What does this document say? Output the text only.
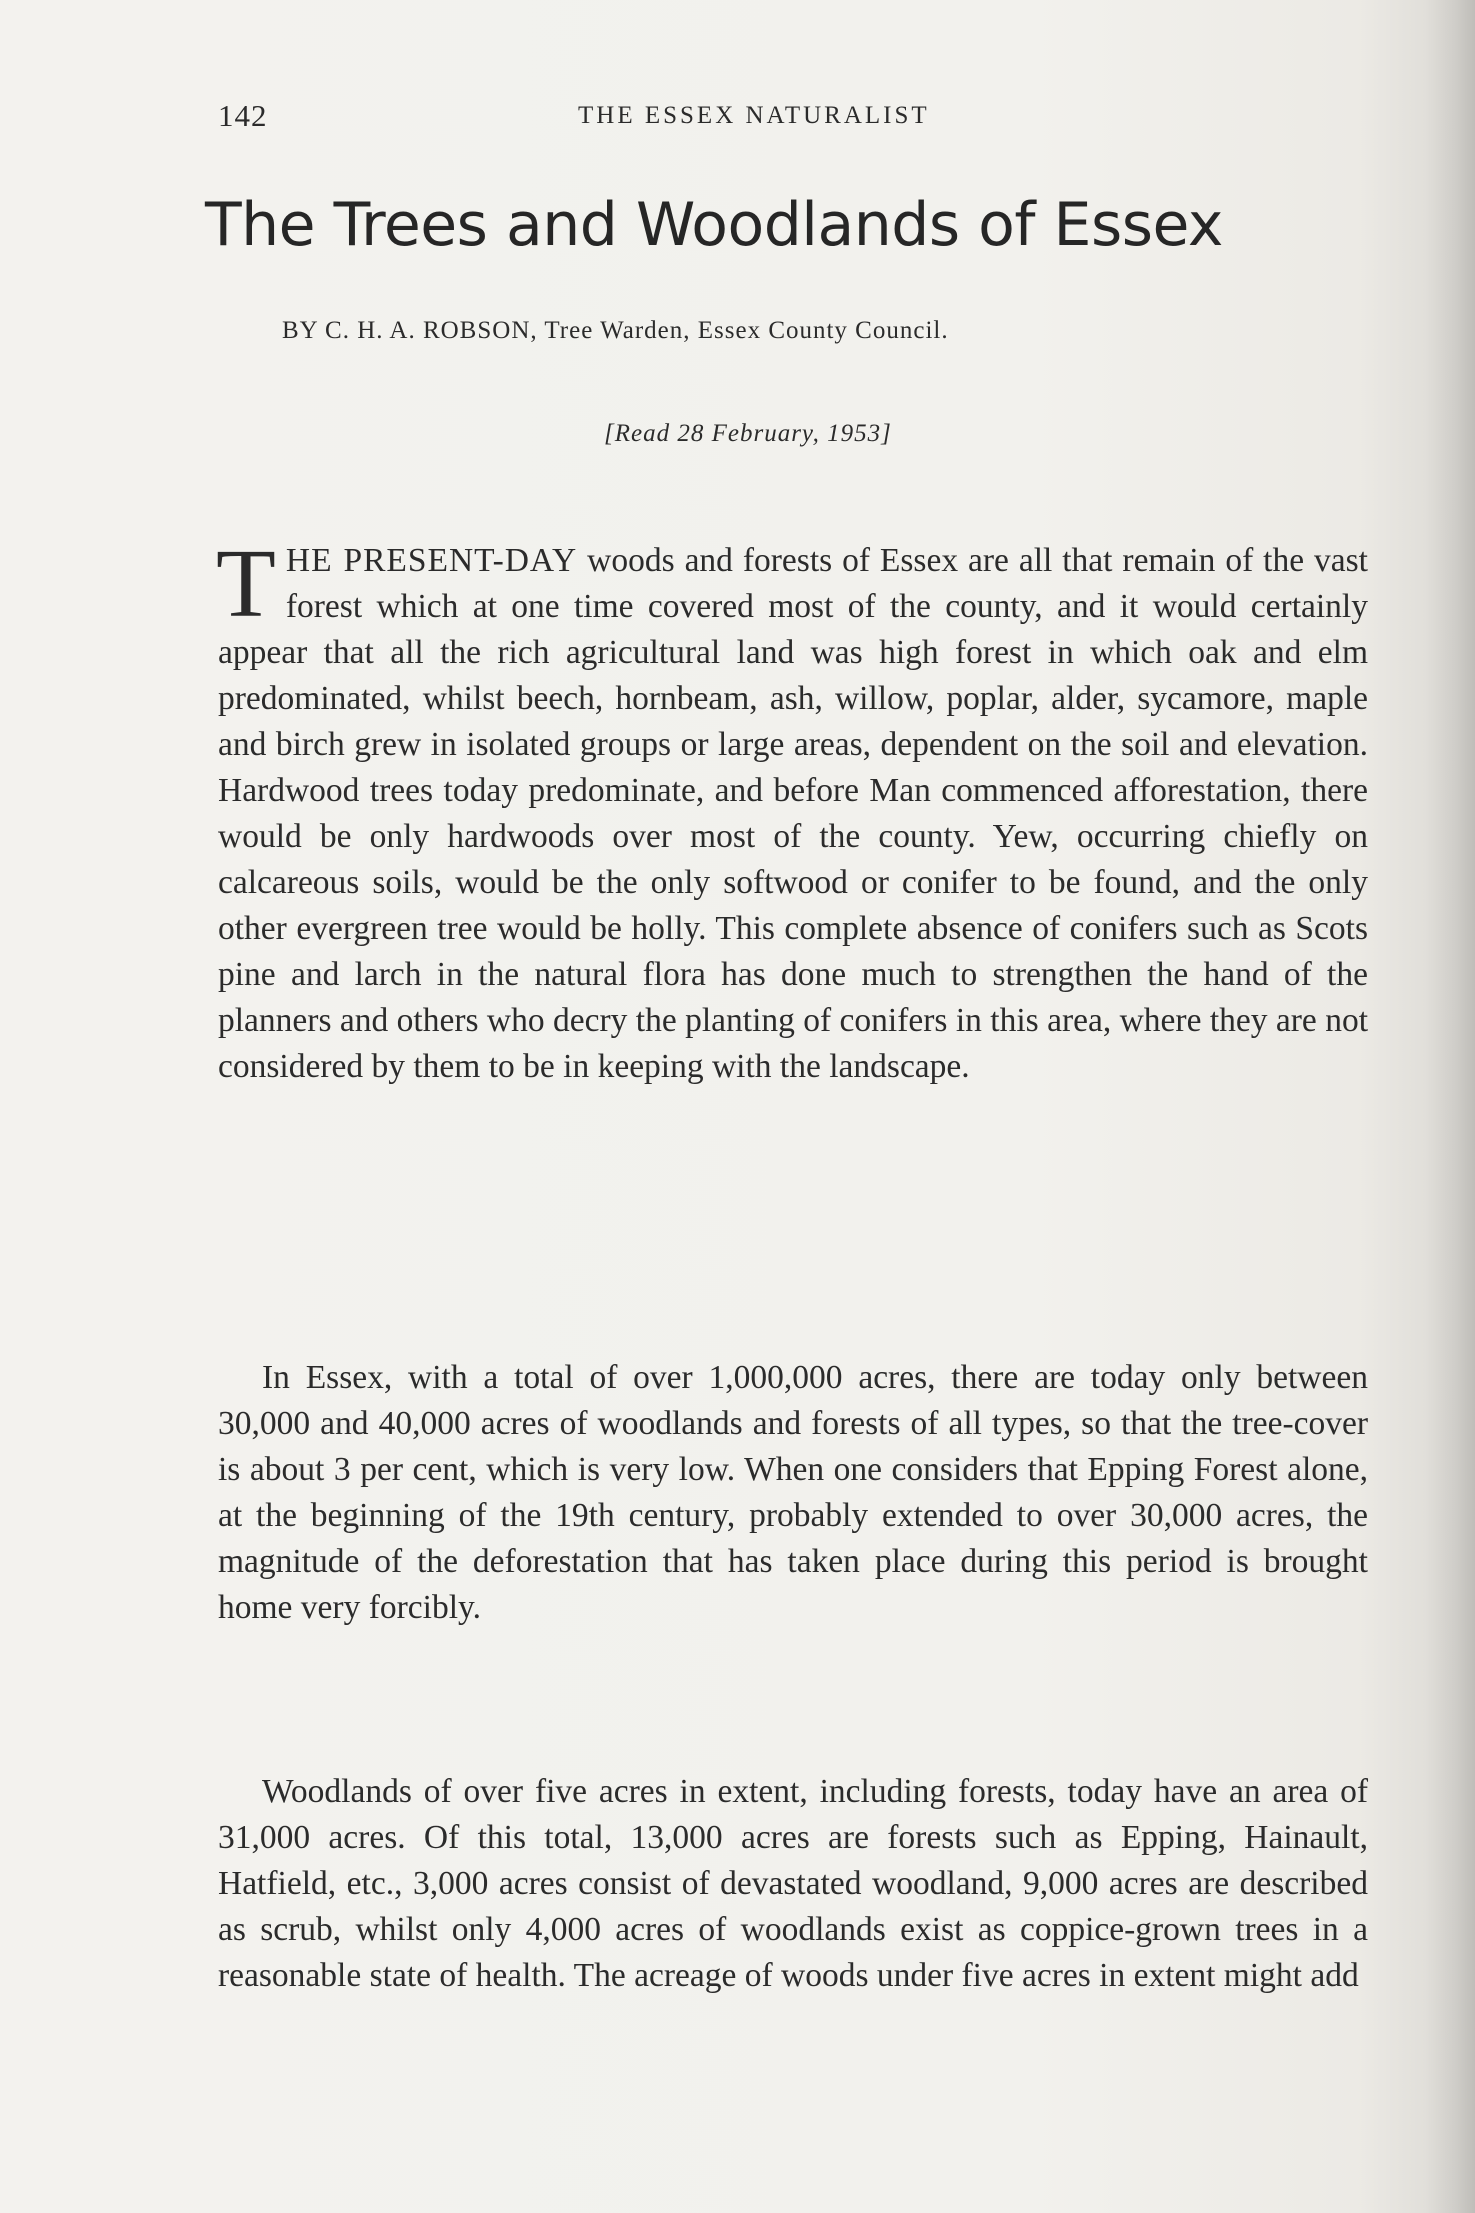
142	THE ESSEX NATURALIST
The Trees and Woodlands of Essex
BY C. H. A. ROBSON, Tree Warden, Essex County Council.
[Read 28 February, 1953]

THE PRESENT-DAY woods and forests of Essex are all that remain of the vast forest which at one time covered most of the county, and it would certainly appear that all the rich agricultural land was high forest in which oak and elm predominated, whilst beech, hornbeam, ash, willow, poplar, alder, sycamore, maple and birch grew in isolated groups or large areas, dependent on the soil and elevation. Hardwood trees today predominate, and before Man commenced afforestation, there would be only hardwoods over most of the county. Yew, occurring chiefly on calcareous soils, would be the only softwood or conifer to be found, and the only other evergreen tree would be holly. This complete absence of conifers such as Scots pine and larch in the natural flora has done much to strengthen the hand of the planners and others who decry the planting of conifers in this area, where they are not considered by them to be in keeping with the landscape.

In Essex, with a total of over 1,000,000 acres, there are today only between 30,000 and 40,000 acres of woodlands and forests of all types, so that the tree-cover is about 3 per cent, which is very low. When one considers that Epping Forest alone, at the beginning of the 19th century, probably extended to over 30,000 acres, the magnitude of the deforestation that has taken place during this period is brought home very forcibly.

Woodlands of over five acres in extent, including forests, today have an area of 31,000 acres. Of this total, 13,000 acres are forests such as Epping, Hainault, Hatfield, etc., 3,000 acres consist of devastated woodland, 9,000 acres are described as scrub, whilst only 4,000 acres of woodlands exist as coppice-grown trees in a reasonable state of health. The acreage of woods under five acres in extent might add
